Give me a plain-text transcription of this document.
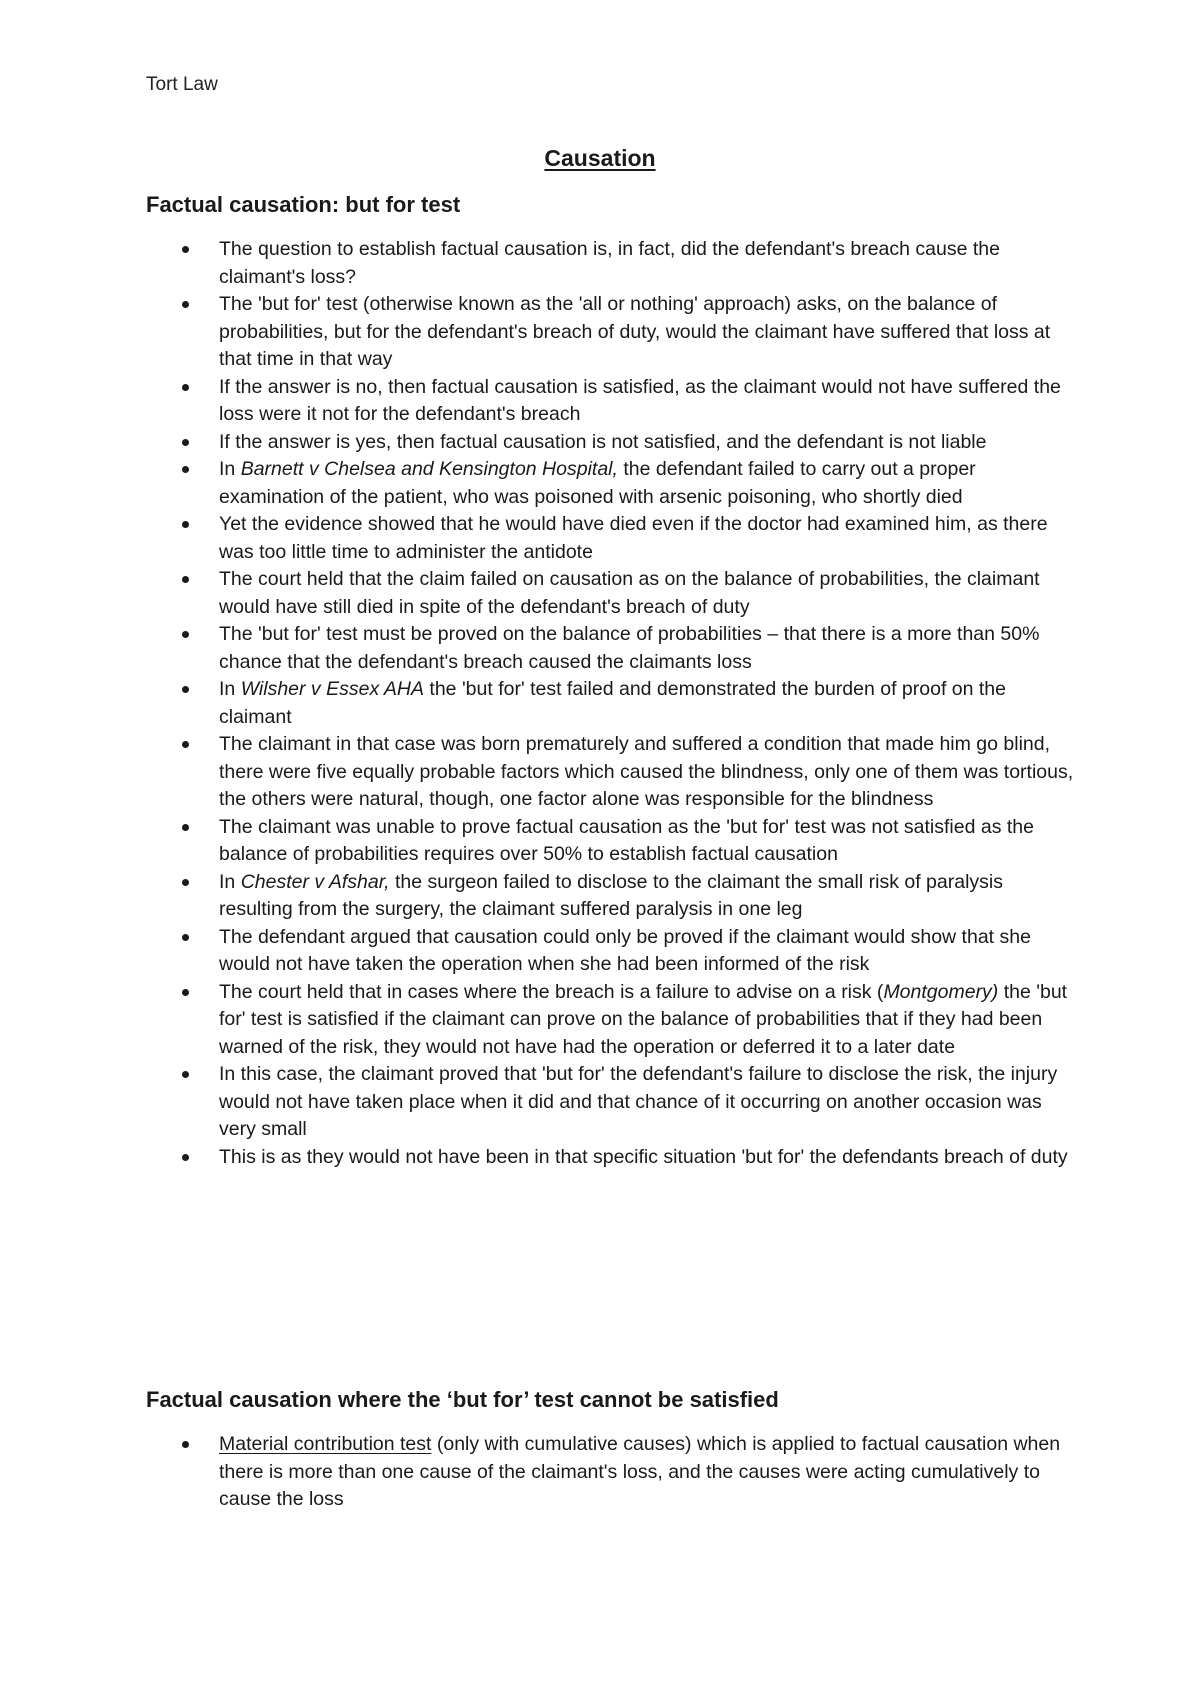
Tort Law
Causation
Factual causation: but for test
The question to establish factual causation is, in fact, did the defendant's breach cause the claimant's loss?
The 'but for' test (otherwise known as the 'all or nothing' approach) asks, on the balance of probabilities, but for the defendant's breach of duty, would the claimant have suffered that loss at that time in that way
If the answer is no, then factual causation is satisfied, as the claimant would not have suffered the loss were it not for the defendant's breach
If the answer is yes, then factual causation is not satisfied, and the defendant is not liable
In Barnett v Chelsea and Kensington Hospital, the defendant failed to carry out a proper examination of the patient, who was poisoned with arsenic poisoning, who shortly died
Yet the evidence showed that he would have died even if the doctor had examined him, as there was too little time to administer the antidote
The court held that the claim failed on causation as on the balance of probabilities, the claimant would have still died in spite of the defendant's breach of duty
The 'but for' test must be proved on the balance of probabilities – that there is a more than 50% chance that the defendant's breach caused the claimants loss
In Wilsher v Essex AHA the 'but for' test failed and demonstrated the burden of proof on the claimant
The claimant in that case was born prematurely and suffered a condition that made him go blind, there were five equally probable factors which caused the blindness, only one of them was tortious, the others were natural, though, one factor alone was responsible for the blindness
The claimant was unable to prove factual causation as the 'but for' test was not satisfied as the balance of probabilities requires over 50% to establish factual causation
In Chester v Afshar, the surgeon failed to disclose to the claimant the small risk of paralysis resulting from the surgery, the claimant suffered paralysis in one leg
The defendant argued that causation could only be proved if the claimant would show that she would not have taken the operation when she had been informed of the risk
The court held that in cases where the breach is a failure to advise on a risk (Montgomery) the 'but for' test is satisfied if the claimant can prove on the balance of probabilities that if they had been warned of the risk, they would not have had the operation or deferred it to a later date
In this case, the claimant proved that 'but for' the defendant's failure to disclose the risk, the injury would not have taken place when it did and that chance of it occurring on another occasion was very small
This is as they would not have been in that specific situation 'but for' the defendants breach of duty
Factual causation where the ‘but for’ test cannot be satisfied
Material contribution test (only with cumulative causes) which is applied to factual causation when there is more than one cause of the claimant's loss, and the causes were acting cumulatively to cause the loss
